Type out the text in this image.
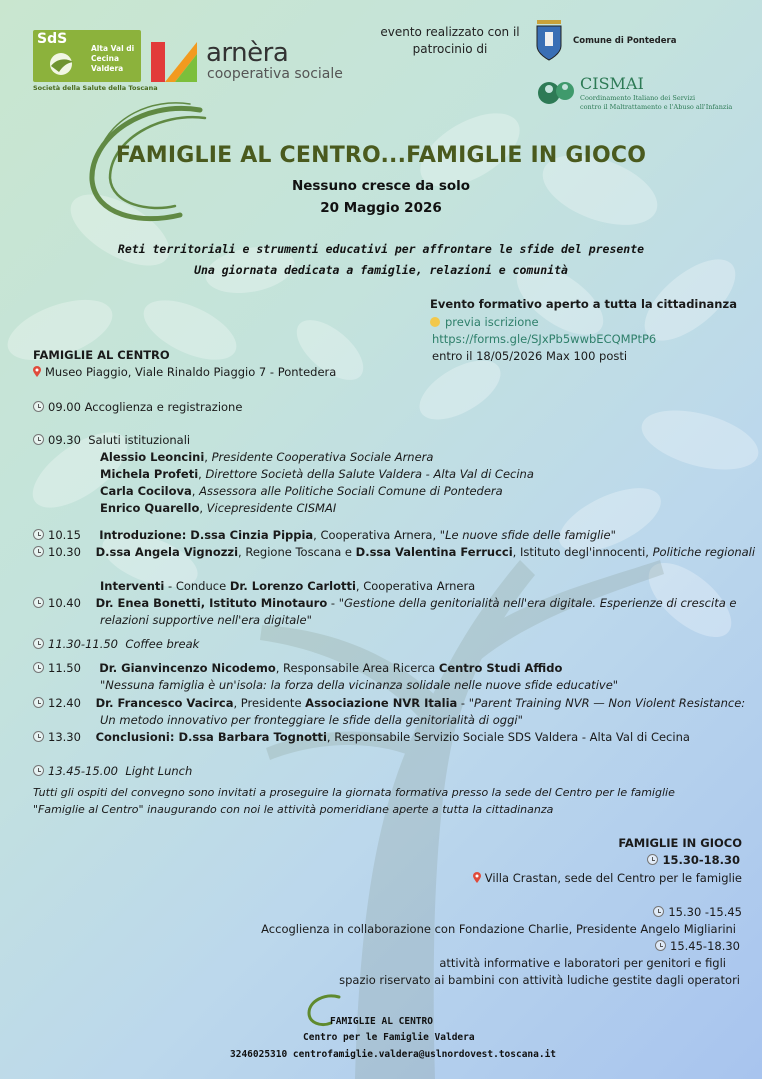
SdS
Alta Val di
Cecina
Valdera
Società della Salute della Toscana
arnèra
cooperativa sociale
evento realizzato con il patrocinio di
Comune di Pontedera
CISMAI
Coordinamento Italiano dei Servizi
contro il Maltrattamento e l'Abuso all'Infanzia
FAMIGLIE AL CENTRO...FAMIGLIE IN GIOCO
Nessuno cresce da solo
20 Maggio 2026
Reti territoriali e strumenti educativi per affrontare le sfide del presente
Una giornata dedicata a famiglie, relazioni e comunità
Evento formativo aperto a tutta la cittadinanza
previa iscrizione
https://forms.gle/SJxPb5wwbECQMPtP6
entro il 18/05/2026 Max 100 posti
FAMIGLIE AL CENTRO
Museo Piaggio, Viale Rinaldo Piaggio 7 - Pontedera
09.00 Accoglienza e registrazione
09.30 Saluti istituzionali
Alessio Leoncini, Presidente Cooperativa Sociale Arnera
Michela Profeti, Direttore Società della Salute Valdera - Alta Val di Cecina
Carla Cocilova, Assessora alle Politiche Sociali Comune di Pontedera
Enrico Quarello, Vicepresidente CISMAI
10.15 Introduzione: D.ssa Cinzia Pippia, Cooperativa Arnera, "Le nuove sfide delle famiglie"
10.30 D.ssa Angela Vignozzi, Regione Toscana e D.ssa Valentina Ferrucci, Istituto degl'innocenti, Politiche regionali
Interventi - Conduce Dr. Lorenzo Carlotti, Cooperativa Arnera
10.40 Dr. Enea Bonetti, Istituto Minotauro - "Gestione della genitorialità nell'era digitale. Esperienze di crescita e
relazioni supportive nell'era digitale"
11.30-11.50 Coffee break
11.50 Dr. Gianvincenzo Nicodemo, Responsabile Area Ricerca Centro Studi Affido
"Nessuna famiglia è un'isola: la forza della vicinanza solidale nelle nuove sfide educative"
12.40 Dr. Francesco Vacirca, Presidente Associazione NVR Italia - "Parent Training NVR — Non Violent Resistance:
Un metodo innovativo per fronteggiare le sfide della genitorialità di oggi"
13.30 Conclusioni: D.ssa Barbara Tognotti, Responsabile Servizio Sociale SDS Valdera - Alta Val di Cecina
13.45-15.00 Light Lunch
Tutti gli ospiti del convegno sono invitati a proseguire la giornata formativa presso la sede del Centro per le famiglie
"Famiglie al Centro" inaugurando con noi le attività pomeridiane aperte a tutta la cittadinanza
FAMIGLIE IN GIOCO
15.30-18.30
Villa Crastan, sede del Centro per le famiglie
15.30 -15.45
Accoglienza in collaborazione con Fondazione Charlie, Presidente Angelo Migliarini
15.45-18.30
attività informative e laboratori per genitori e figli
spazio riservato ai bambini con attività ludiche gestite dagli operatori
FAMIGLIE AL CENTRO
Centro per le Famiglie Valdera
3246025310 centrofamiglie.valdera@uslnordovest.toscana.it
